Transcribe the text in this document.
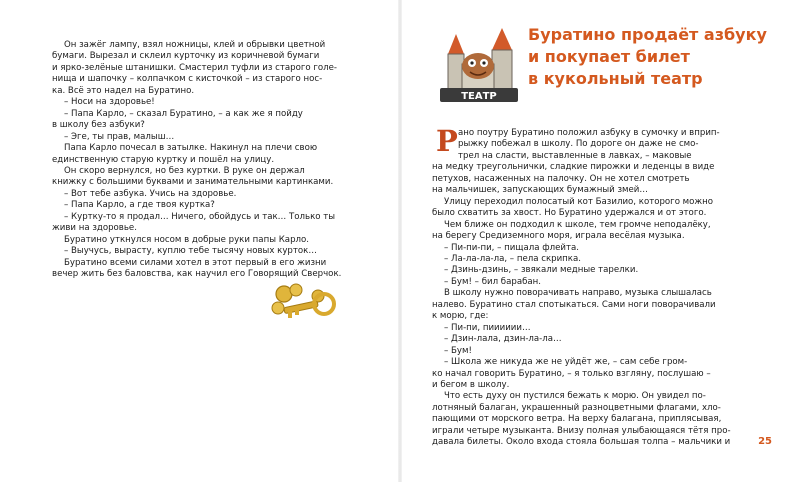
Он зажёг лампу, взял ножницы, клей и обрывки цветной

бумаги. Вырезал и склеил курточку из коричневой бумаги

и ярко-зелёные штанишки. Смастерил туфли из старого голе-

нища и шапочку – колпачком с кисточкой – из старого нос-

ка. Всё это надел на Буратино.

– Носи на здоровье!

– Папа Карло, – сказал Буратино, – а как же я пойду

в школу без азбуки?

– Эге, ты прав, малыш…

Папа Карло почесал в затылке. Накинул на плечи свою

единственную старую куртку и пошёл на улицу.

Он скоро вернулся, но без куртки. В руке он держал

книжку с большими буквами и занимательными картинками.

– Вот тебе азбука. Учись на здоровье.

– Папа Карло, а где твоя куртка?

– Куртку-то я продал… Ничего, обойдусь и так… Только ты

живи на здоровье.

Буратино уткнулся носом в добрые руки папы Карло.

– Выучусь, вырасту, куплю тебе тысячу новых курток…

Буратино всеми силами хотел в этот первый в его жизни

вечер жить без баловства, как научил его Говорящий Сверчок.

ТЕАТР
Буратино продаёт азбуку
и покупает билет
в кукольный театр
Р ано поутру Буратино положил азбуку в сумочку и вприп-

рыжку побежал в школу. По дороге он даже не смо-

трел на сласти, выставленные в лавках, – маковые

на медку треугольнички, сладкие пирожки и леденцы в виде

петухов, насаженных на палочку. Он не хотел смотреть

на мальчишек, запускающих бумажный змей…

Улицу переходил полосатый кот Базилио, которого можно

было схватить за хвост. Но Буратино удержался и от этого.

Чем ближе он подходил к школе, тем громче неподалёку,

на берегу Средиземного моря, играла весёлая музыка.

– Пи-пи-пи, – пищала флейта.

– Ла-ла-ла-ла, – пела скрипка.

– Дзинь-дзинь, – звякали медные тарелки.

– Бум! – бил барабан.

В школу нужно поворачивать направо, музыка слышалась

налево. Буратино стал спотыкаться. Сами ноги поворачивали

к морю, где:

– Пи-пи, пииииии…

– Дзин-лала, дзин-ла-ла…

– Бум!

– Школа же никуда же не уйдёт же, – сам себе гром-

ко начал говорить Буратино, – я только взгляну, послушаю –

и бегом в школу.

Что есть духу он пустился бежать к морю. Он увидел по-

лотняный балаган, украшенный разноцветными флагами, хло-

пающими от морского ветра. На верху балагана, приплясывая,

играли четыре музыканта. Внизу полная улыбающаяся тётя про-

давала билеты. Около входа стояла большая толпа – мальчики и	25
